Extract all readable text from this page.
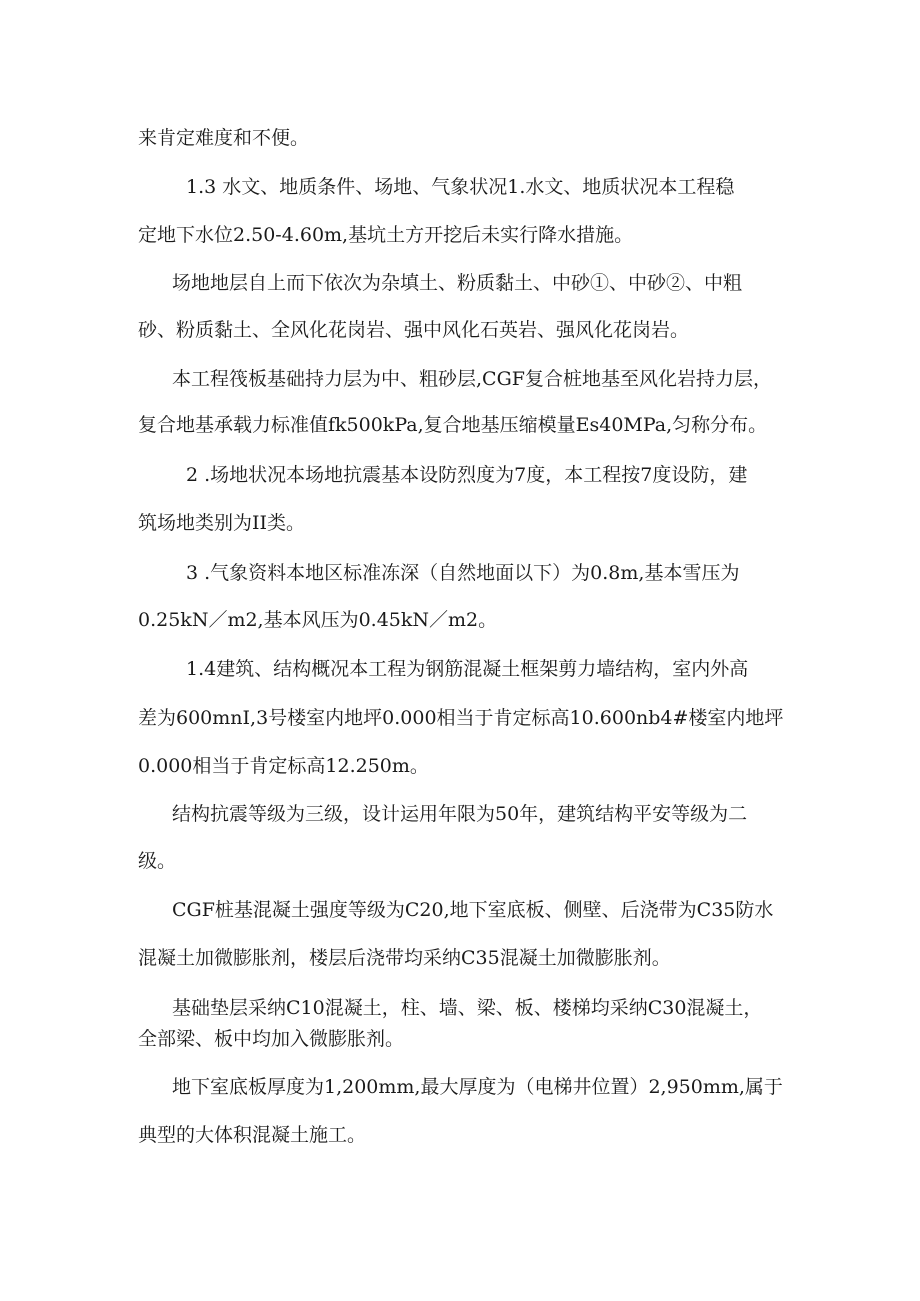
来肯定难度和不便。
1.3 水文、地质条件、场地、气象状况1.水文、地质状况本工程稳
定地下水位2.50-4.60m,基坑土方开挖后未实行降水措施。
场地地层自上而下依次为杂填土、粉质黏土、中砂①、中砂②、中粗
砂、粉质黏土、全风化花岗岩、强中风化石英岩、强风化花岗岩。
本工程筏板基础持力层为中、粗砂层,CGF复合桩地基至风化岩持力层，
复合地基承载力标准值fk500kPa,复合地基压缩模量Es40MPa,匀称分布。
2 .场地状况本场地抗震基本设防烈度为7度，本工程按7度设防，建
筑场地类别为II类。
3 .气象资料本地区标准冻深（自然地面以下）为0.8m,基本雪压为
0.25kN／m2,基本风压为0.45kN／m2。
1.4建筑、结构概况本工程为钢筋混凝土框架剪力墙结构，室内外高
差为600mnI,3号楼室内地坪0.000相当于肯定标高10.600nb4#楼室内地坪
0.000相当于肯定标高12.250m。
结构抗震等级为三级，设计运用年限为50年，建筑结构平安等级为二
级。
CGF桩基混凝土强度等级为C20,地下室底板、侧壁、后浇带为C35防水
混凝土加微膨胀剂，楼层后浇带均采纳C35混凝土加微膨胀剂。
基础垫层采纳C10混凝土，柱、墙、梁、板、楼梯均采纳C30混凝土，
全部梁、板中均加入微膨胀剂。
地下室底板厚度为1,200mm,最大厚度为（电梯井位置）2,950mm,属于
典型的大体积混凝土施工。
